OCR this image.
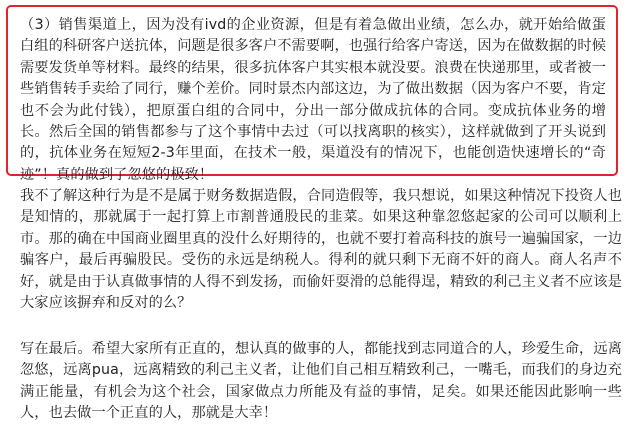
（3）销售渠道上，因为没有ivd的企业资源，但是有着急做出业绩，怎么办，就开始给做蛋白组的科研客户送抗体，问题是很多客户不需要啊，也强行给客户寄送，因为在做数据的时候需要发货单等材料。最终的结果，很多抗体客户其实根本就没要。浪费在快递那里，或者被一些销售转手卖给了同行，赚个差价。同时景杰内部这边，为了做出数据（因为客户不要，肯定也不会为此付钱），把原蛋白组的合同中，分出一部分做成抗体的合同。变成抗体业务的增长。然后全国的销售都参与了这个事情中去过（可以找离职的核实），这样就做到了开头说到的，抗体业务在短短2-3年里面，在技术一般，渠道没有的情况下，也能创造快速增长的“奇迹”！真的做到了忽悠的极致！

我不了解这种行为是不是属于财务数据造假，合同造假等，我只想说，如果这种情况下投资人也是知情的，那就属于一起打算上市割普通股民的韭菜。如果这种靠忽悠起家的公司可以顺利上市。那的确在中国商业圈里真的没什么好期待的，也就不要打着高科技的旗号一遍骗国家，一边骗客户，最后再骗股民。受伤的永远是纳税人。得利的就只剩下无商不奸的商人。商人名声不好，就是由于认真做事情的人得不到发扬，而偷奸耍滑的总能得逞，精致的利己主义者不应该是大家应该摒弃和反对的么？

写在最后。希望大家所有正直的，想认真的做事的人，都能找到志同道合的人，珍爱生命，远离忽悠，远离pua，远离精致的利己主义者，让他们自己相互精致利己，一嘴毛，而我们的身边充满正能量，有机会为这个社会，国家做点力所能及有益的事情，足矣。如果还能因此影响一些人，也去做一个正直的人，那就是大幸！
